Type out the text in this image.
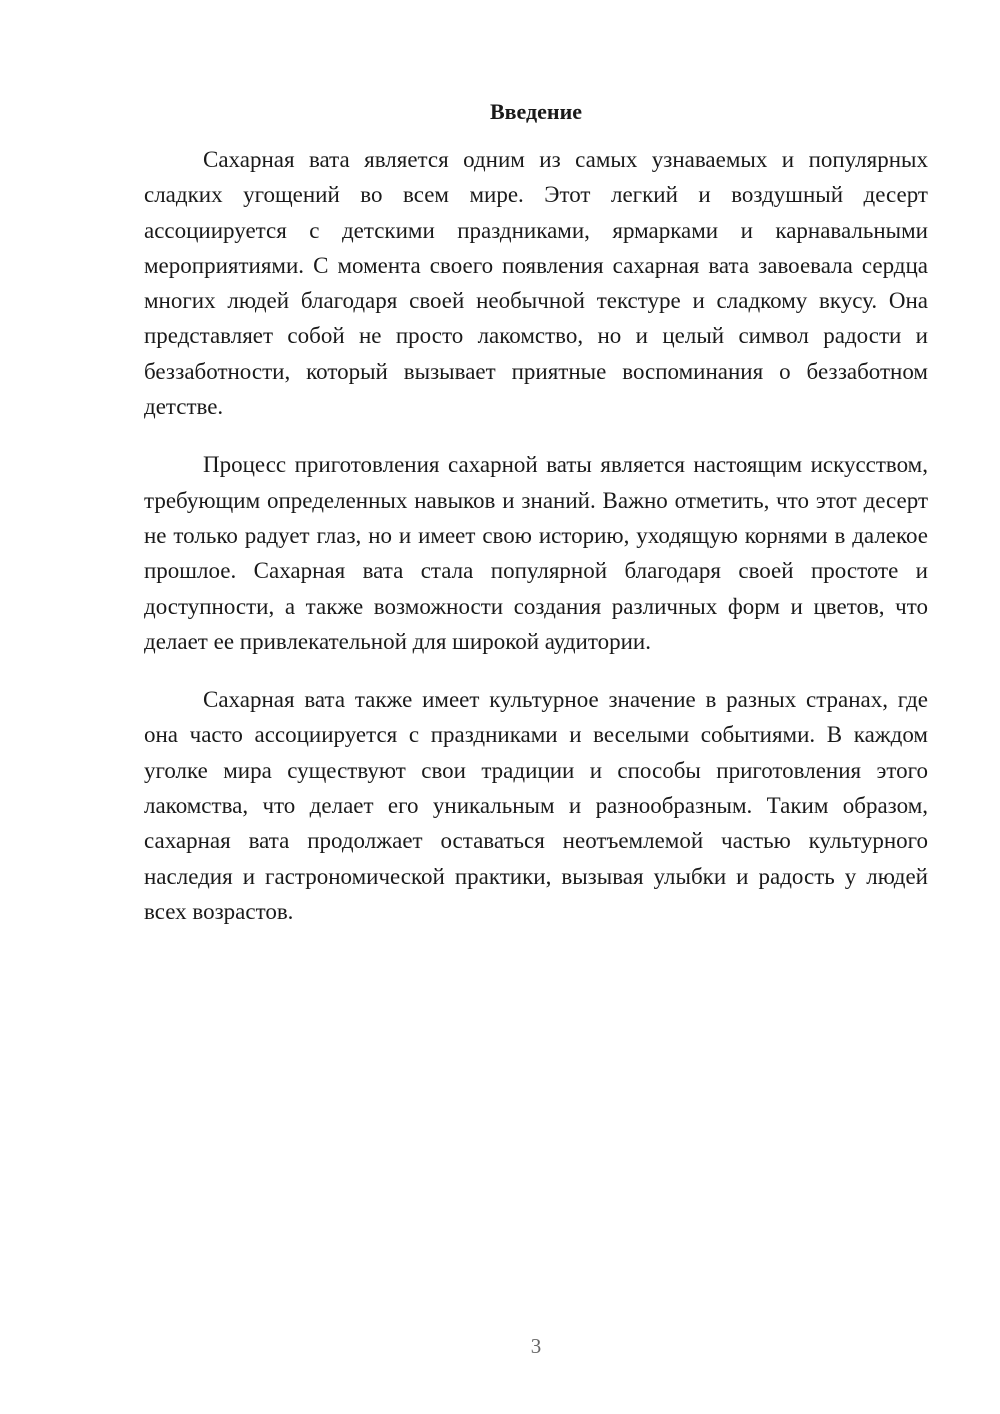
Введение

Сахарная вата является одним из самых узнаваемых и популярных сладких угощений во всем мире. Этот легкий и воздушный десерт ассоциируется с детскими праздниками, ярмарками и карнавальными мероприятиями. С момента своего появления сахарная вата завоевала сердца многих людей благодаря своей необычной текстуре и сладкому вкусу. Она представляет собой не просто лакомство, но и целый символ радости и беззаботности, который вызывает приятные воспоминания о беззаботном детстве.

Процесс приготовления сахарной ваты является настоящим искусством, требующим определенных навыков и знаний. Важно отметить, что этот десерт не только радует глаз, но и имеет свою историю, уходящую корнями в далекое прошлое. Сахарная вата стала популярной благодаря своей простоте и доступности, а также возможности создания различных форм и цветов, что делает ее привлекательной для широкой аудитории.

Сахарная вата также имеет культурное значение в разных странах, где она часто ассоциируется с праздниками и веселыми событиями. В каждом уголке мира существуют свои традиции и способы приготовления этого лакомства, что делает его уникальным и разнообразным. Таким образом, сахарная вата продолжает оставаться неотъемлемой частью культурного наследия и гастрономической практики, вызывая улыбки и радость у людей всех возрастов.

3
